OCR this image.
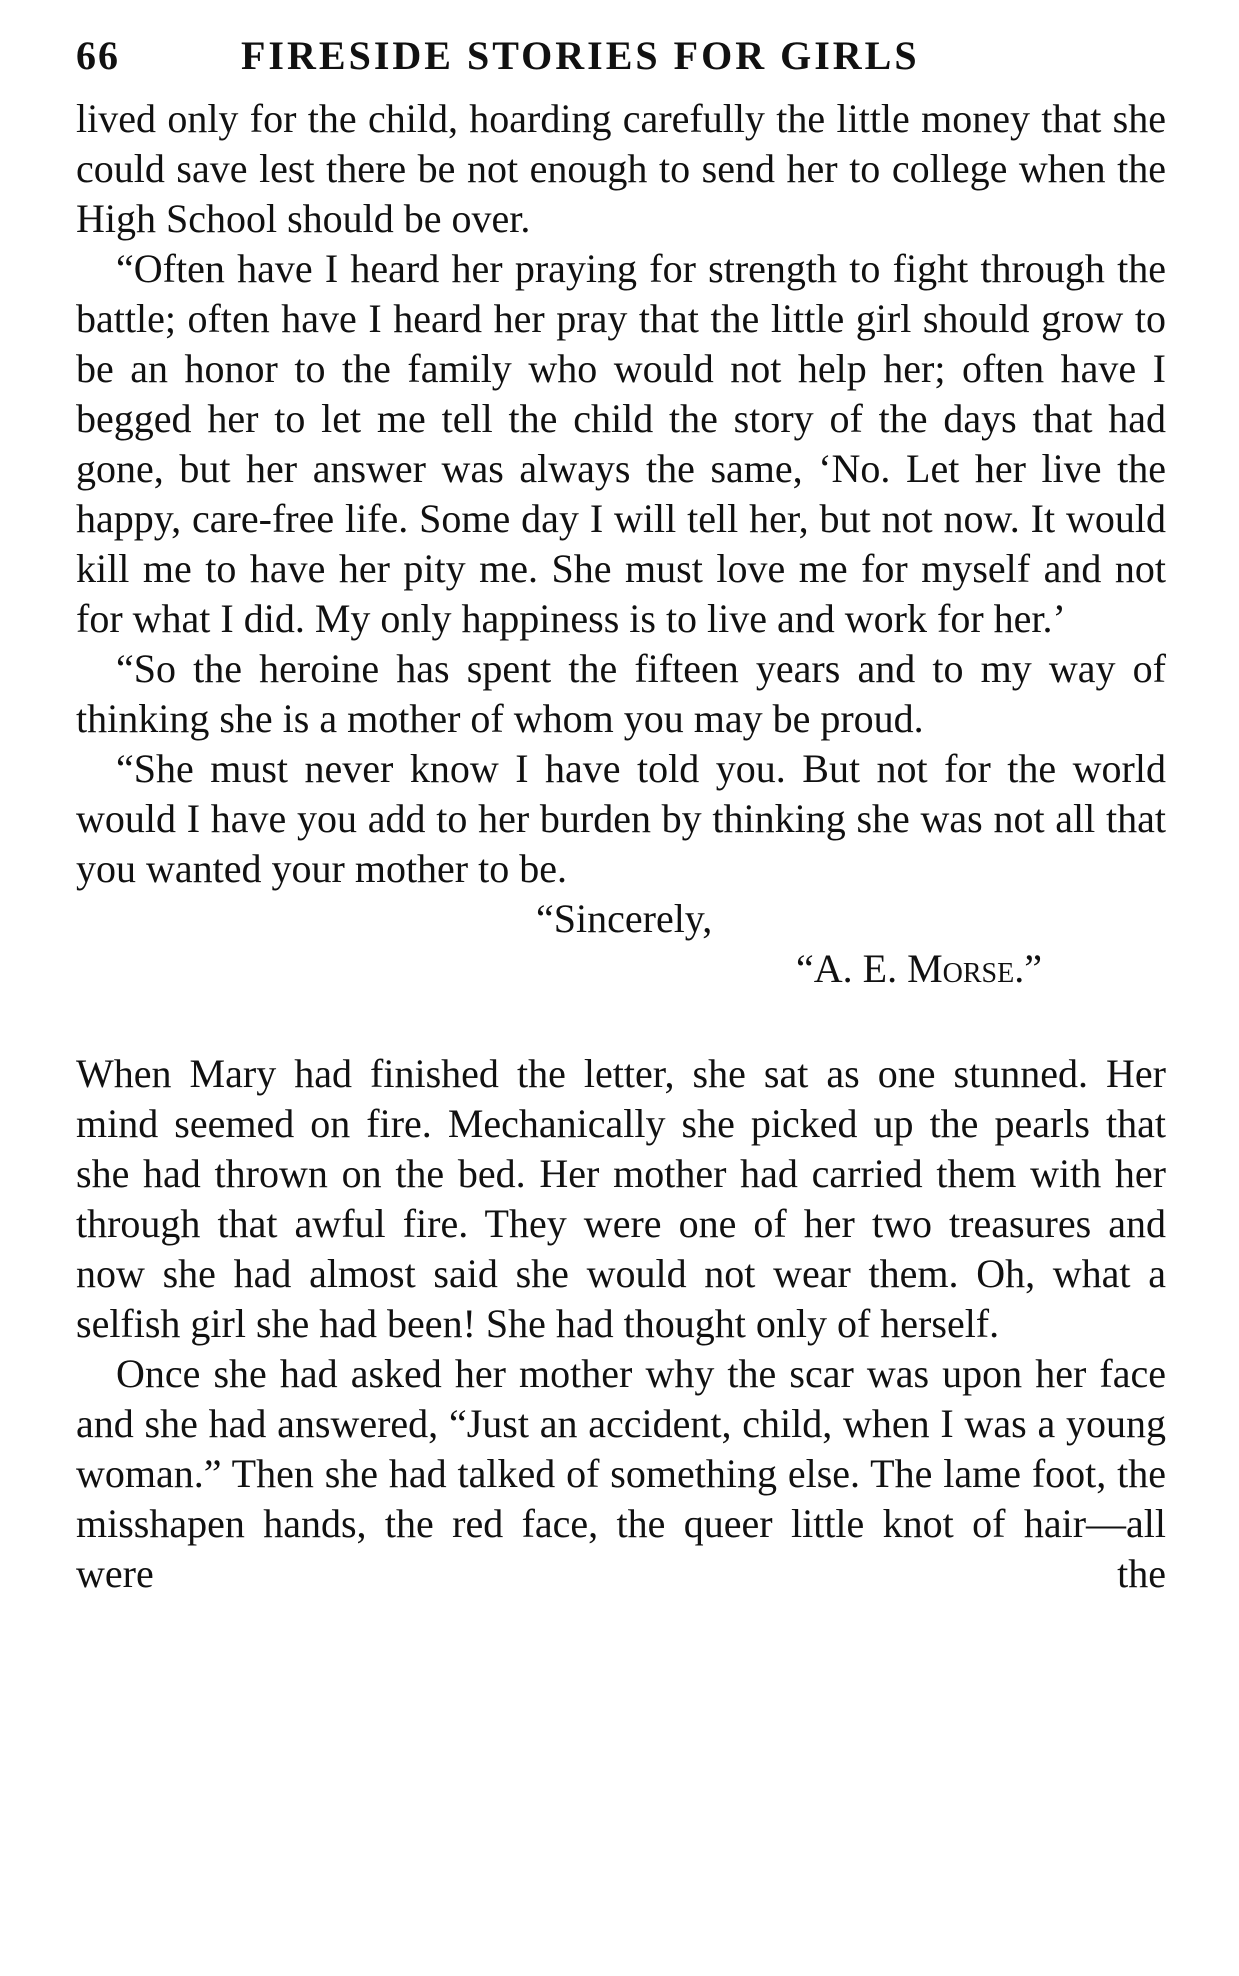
66	FIRESIDE STORIES FOR GIRLS

lived only for the child, hoarding carefully the little money that she could save lest there be not enough to send her to college when the High School should be over.

“Often have I heard her praying for strength to fight through the battle; often have I heard her pray that the little girl should grow to be an honor to the family who would not help her; often have I begged her to let me tell the child the story of the days that had gone, but her answer was always the same, ‘No. Let her live the happy, care-free life. Some day I will tell her, but not now. It would kill me to have her pity me. She must love me for myself and not for what I did. My only happiness is to live and work for her.’

“So the heroine has spent the fifteen years and to my way of thinking she is a mother of whom you may be proud.

“She must never know I have told you. But not for the world would I have you add to her burden by thinking she was not all that you wanted your mother to be.

“Sincerely,

“A. E. Morse.”

When Mary had finished the letter, she sat as one stunned. Her mind seemed on fire. Mechanically she picked up the pearls that she had thrown on the bed. Her mother had carried them with her through that awful fire. They were one of her two treasures and now she had almost said she would not wear them. Oh, what a selfish girl she had been! She had thought only of herself.

Once she had asked her mother why the scar was upon her face and she had answered, “Just an accident, child, when I was a young woman.” Then she had talked of something else. The lame foot, the misshapen hands, the red face, the queer little knot of hair—all were the
